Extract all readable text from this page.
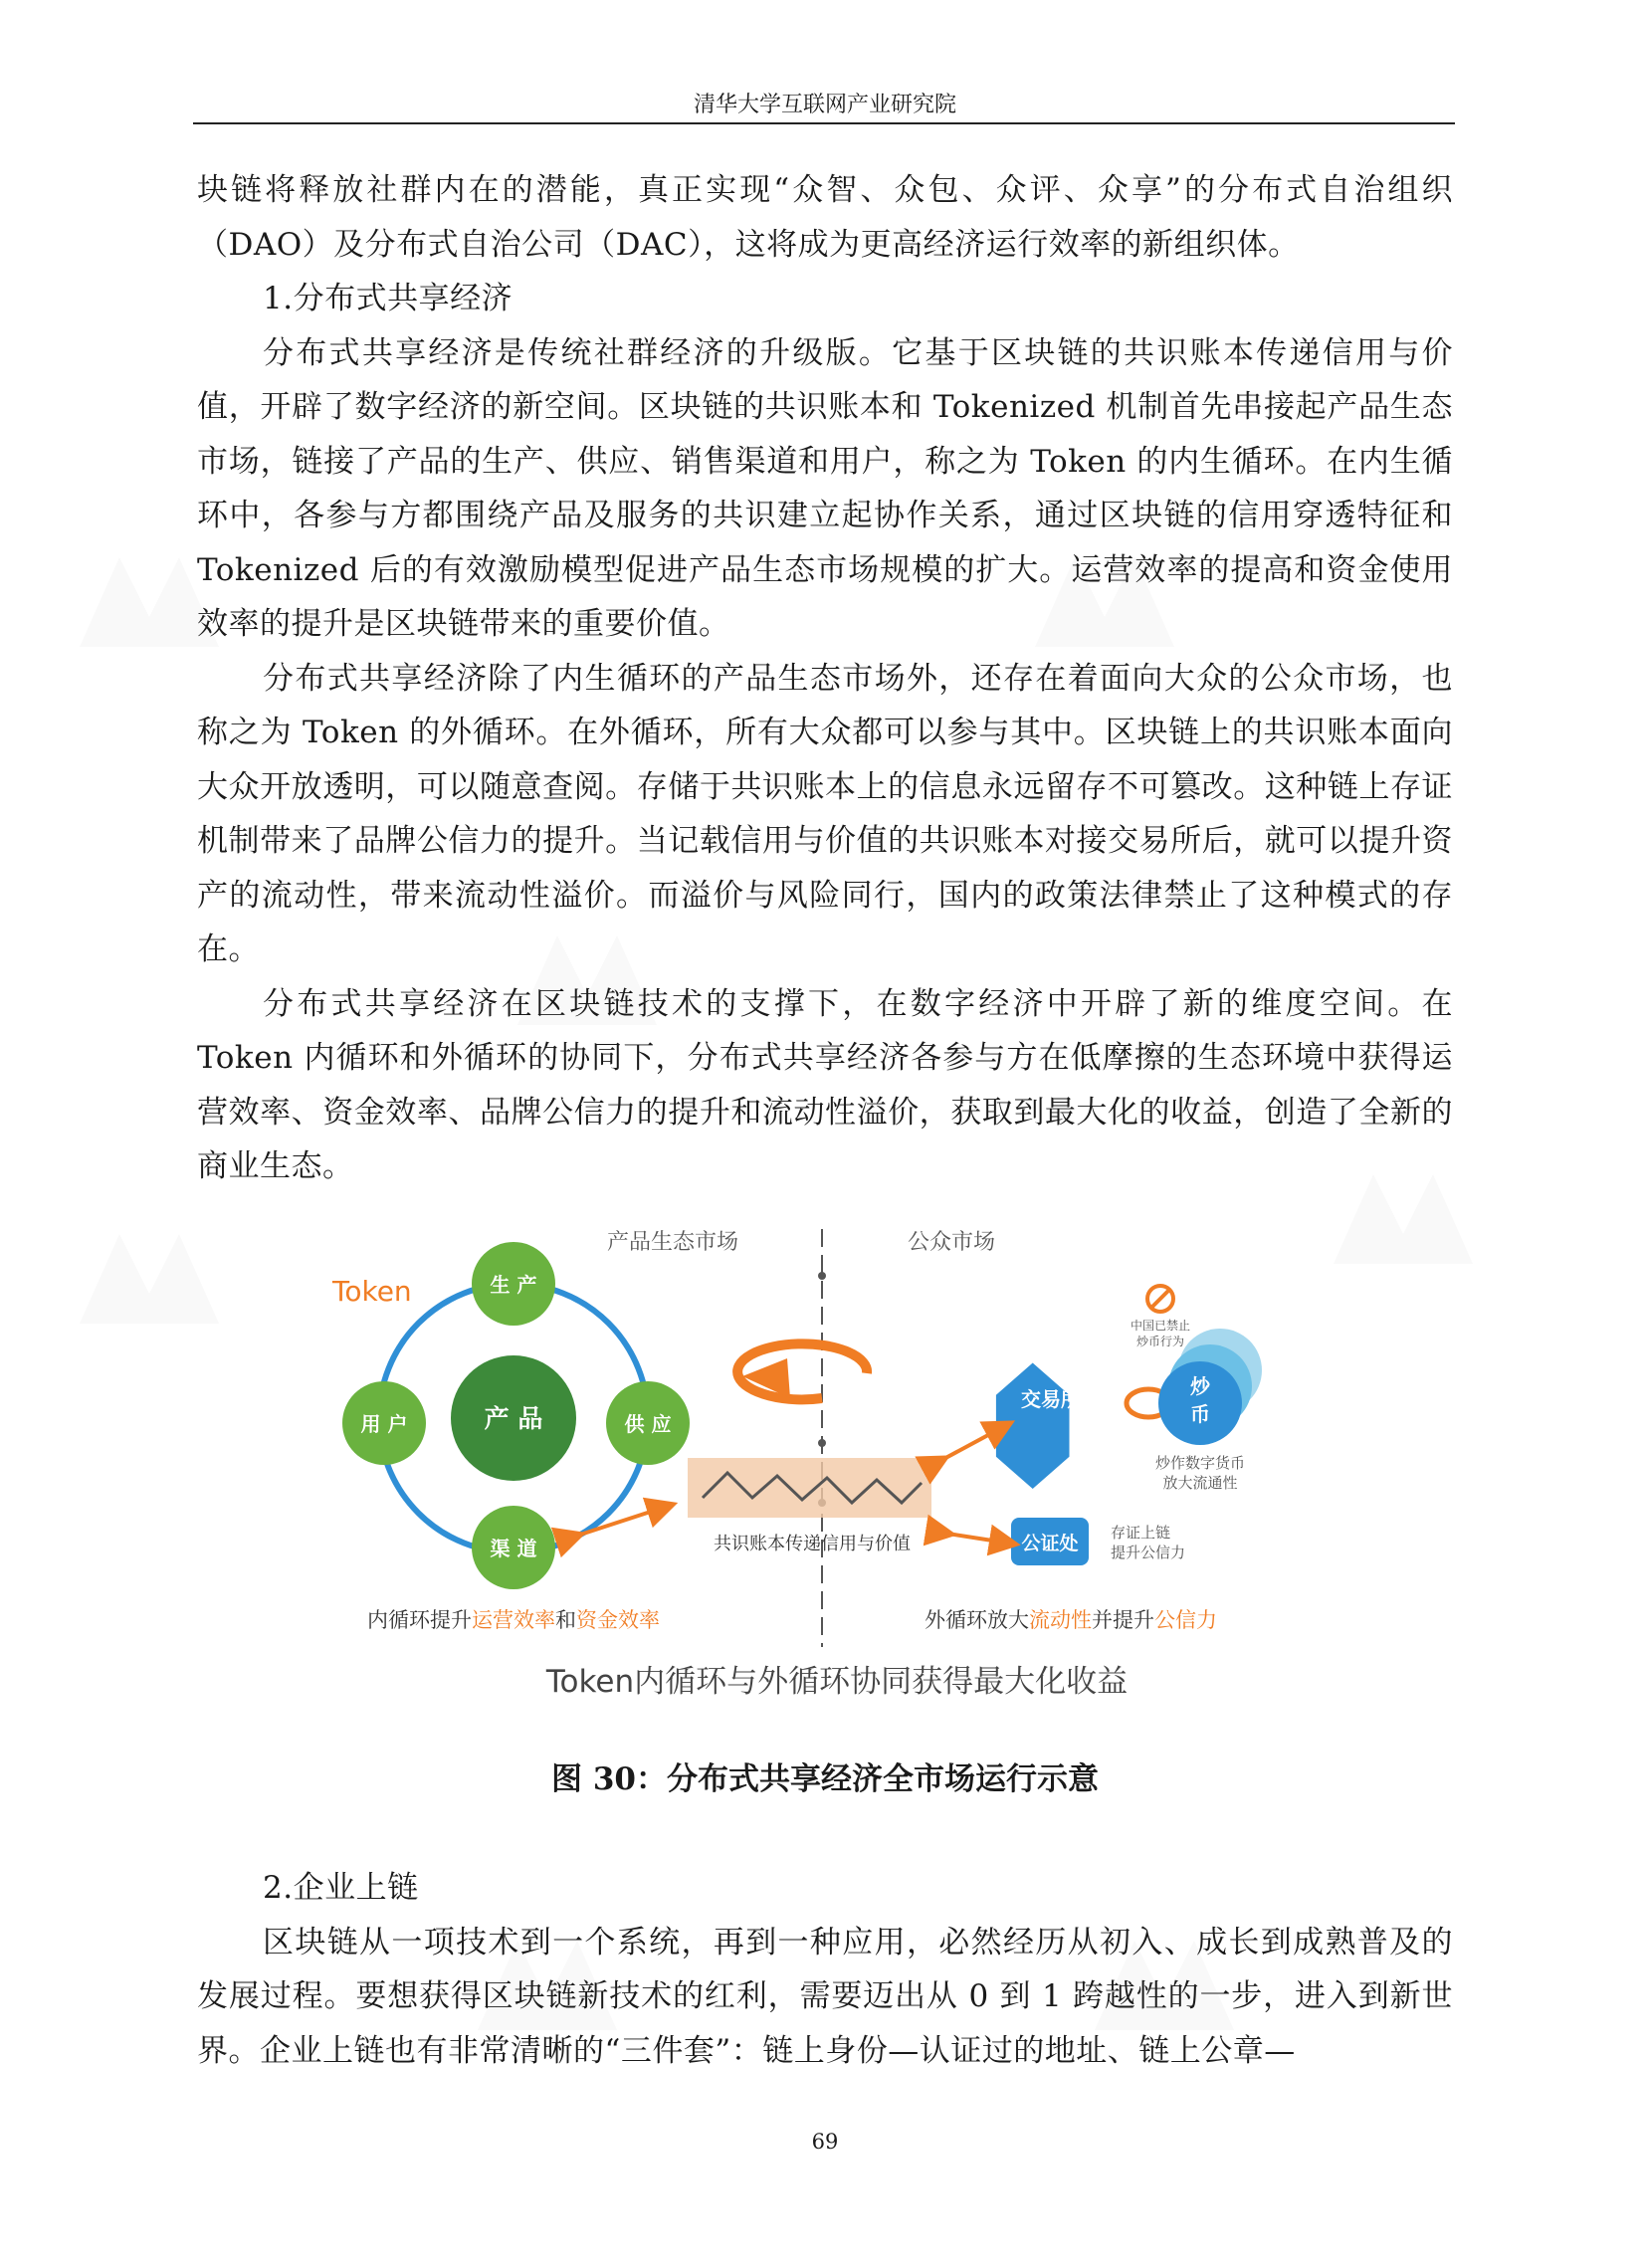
清华大学互联网产业研究院

块链将释放社群内在的潜能，真正实现“众智、众包、众评、众享”的分布式自治组织（DAO）及分布式自治公司（DAC），这将成为更高经济运行效率的新组织体。

1.分布式共享经济

分布式共享经济是传统社群经济的升级版。它基于区块链的共识账本传递信用与价值，开辟了数字经济的新空间。区块链的共识账本和 Tokenized 机制首先串接起产品生态市场，链接了产品的生产、供应、销售渠道和用户，称之为 Token 的内生循环。在内生循环中，各参与方都围绕产品及服务的共识建立起协作关系，通过区块链的信用穿透特征和 Tokenized 后的有效激励模型促进产品生态市场规模的扩大。运营效率的提高和资金使用效率的提升是区块链带来的重要价值。

分布式共享经济除了内生循环的产品生态市场外，还存在着面向大众的公众市场，也称之为 Token 的外循环。在外循环，所有大众都可以参与其中。区块链上的共识账本面向大众开放透明，可以随意查阅。存储于共识账本上的信息永远留存不可篡改。这种链上存证机制带来了品牌公信力的提升。当记载信用与价值的共识账本对接交易所后，就可以提升资产的流动性，带来流动性溢价。而溢价与风险同行，国内的政策法律禁止了这种模式的存在。

分布式共享经济在区块链技术的支撑下，在数字经济中开辟了新的维度空间。在 Token 内循环和外循环的协同下，分布式共享经济各参与方在低摩擦的生态环境中获得运营效率、资金效率、品牌公信力的提升和流动性溢价，获取到最大化的收益，创造了全新的商业生态。

产品生态市场	公众市场
Token
产 品
生 产
供 应
用 户
渠 道	共识账本传递信用与价值
交易所
炒
币
中国已禁止
炒币行为
炒作数字货币
放大流通性
公证处 存证上链
提升公信力
内循环提升运营效率和资金效率	外循环放大流动性并提升公信力
Token内循环与外循环协同获得最大化收益
图 30：分布式共享经济全市场运行示意

2.企业上链

区块链从一项技术到一个系统，再到一种应用，必然经历从初入、成长到成熟普及的发展过程。要想获得区块链新技术的红利，需要迈出从 0 到 1 跨越性的一步，进入到新世界。企业上链也有非常清晰的“三件套”：链上身份—认证过的地址、链上公章—

69
